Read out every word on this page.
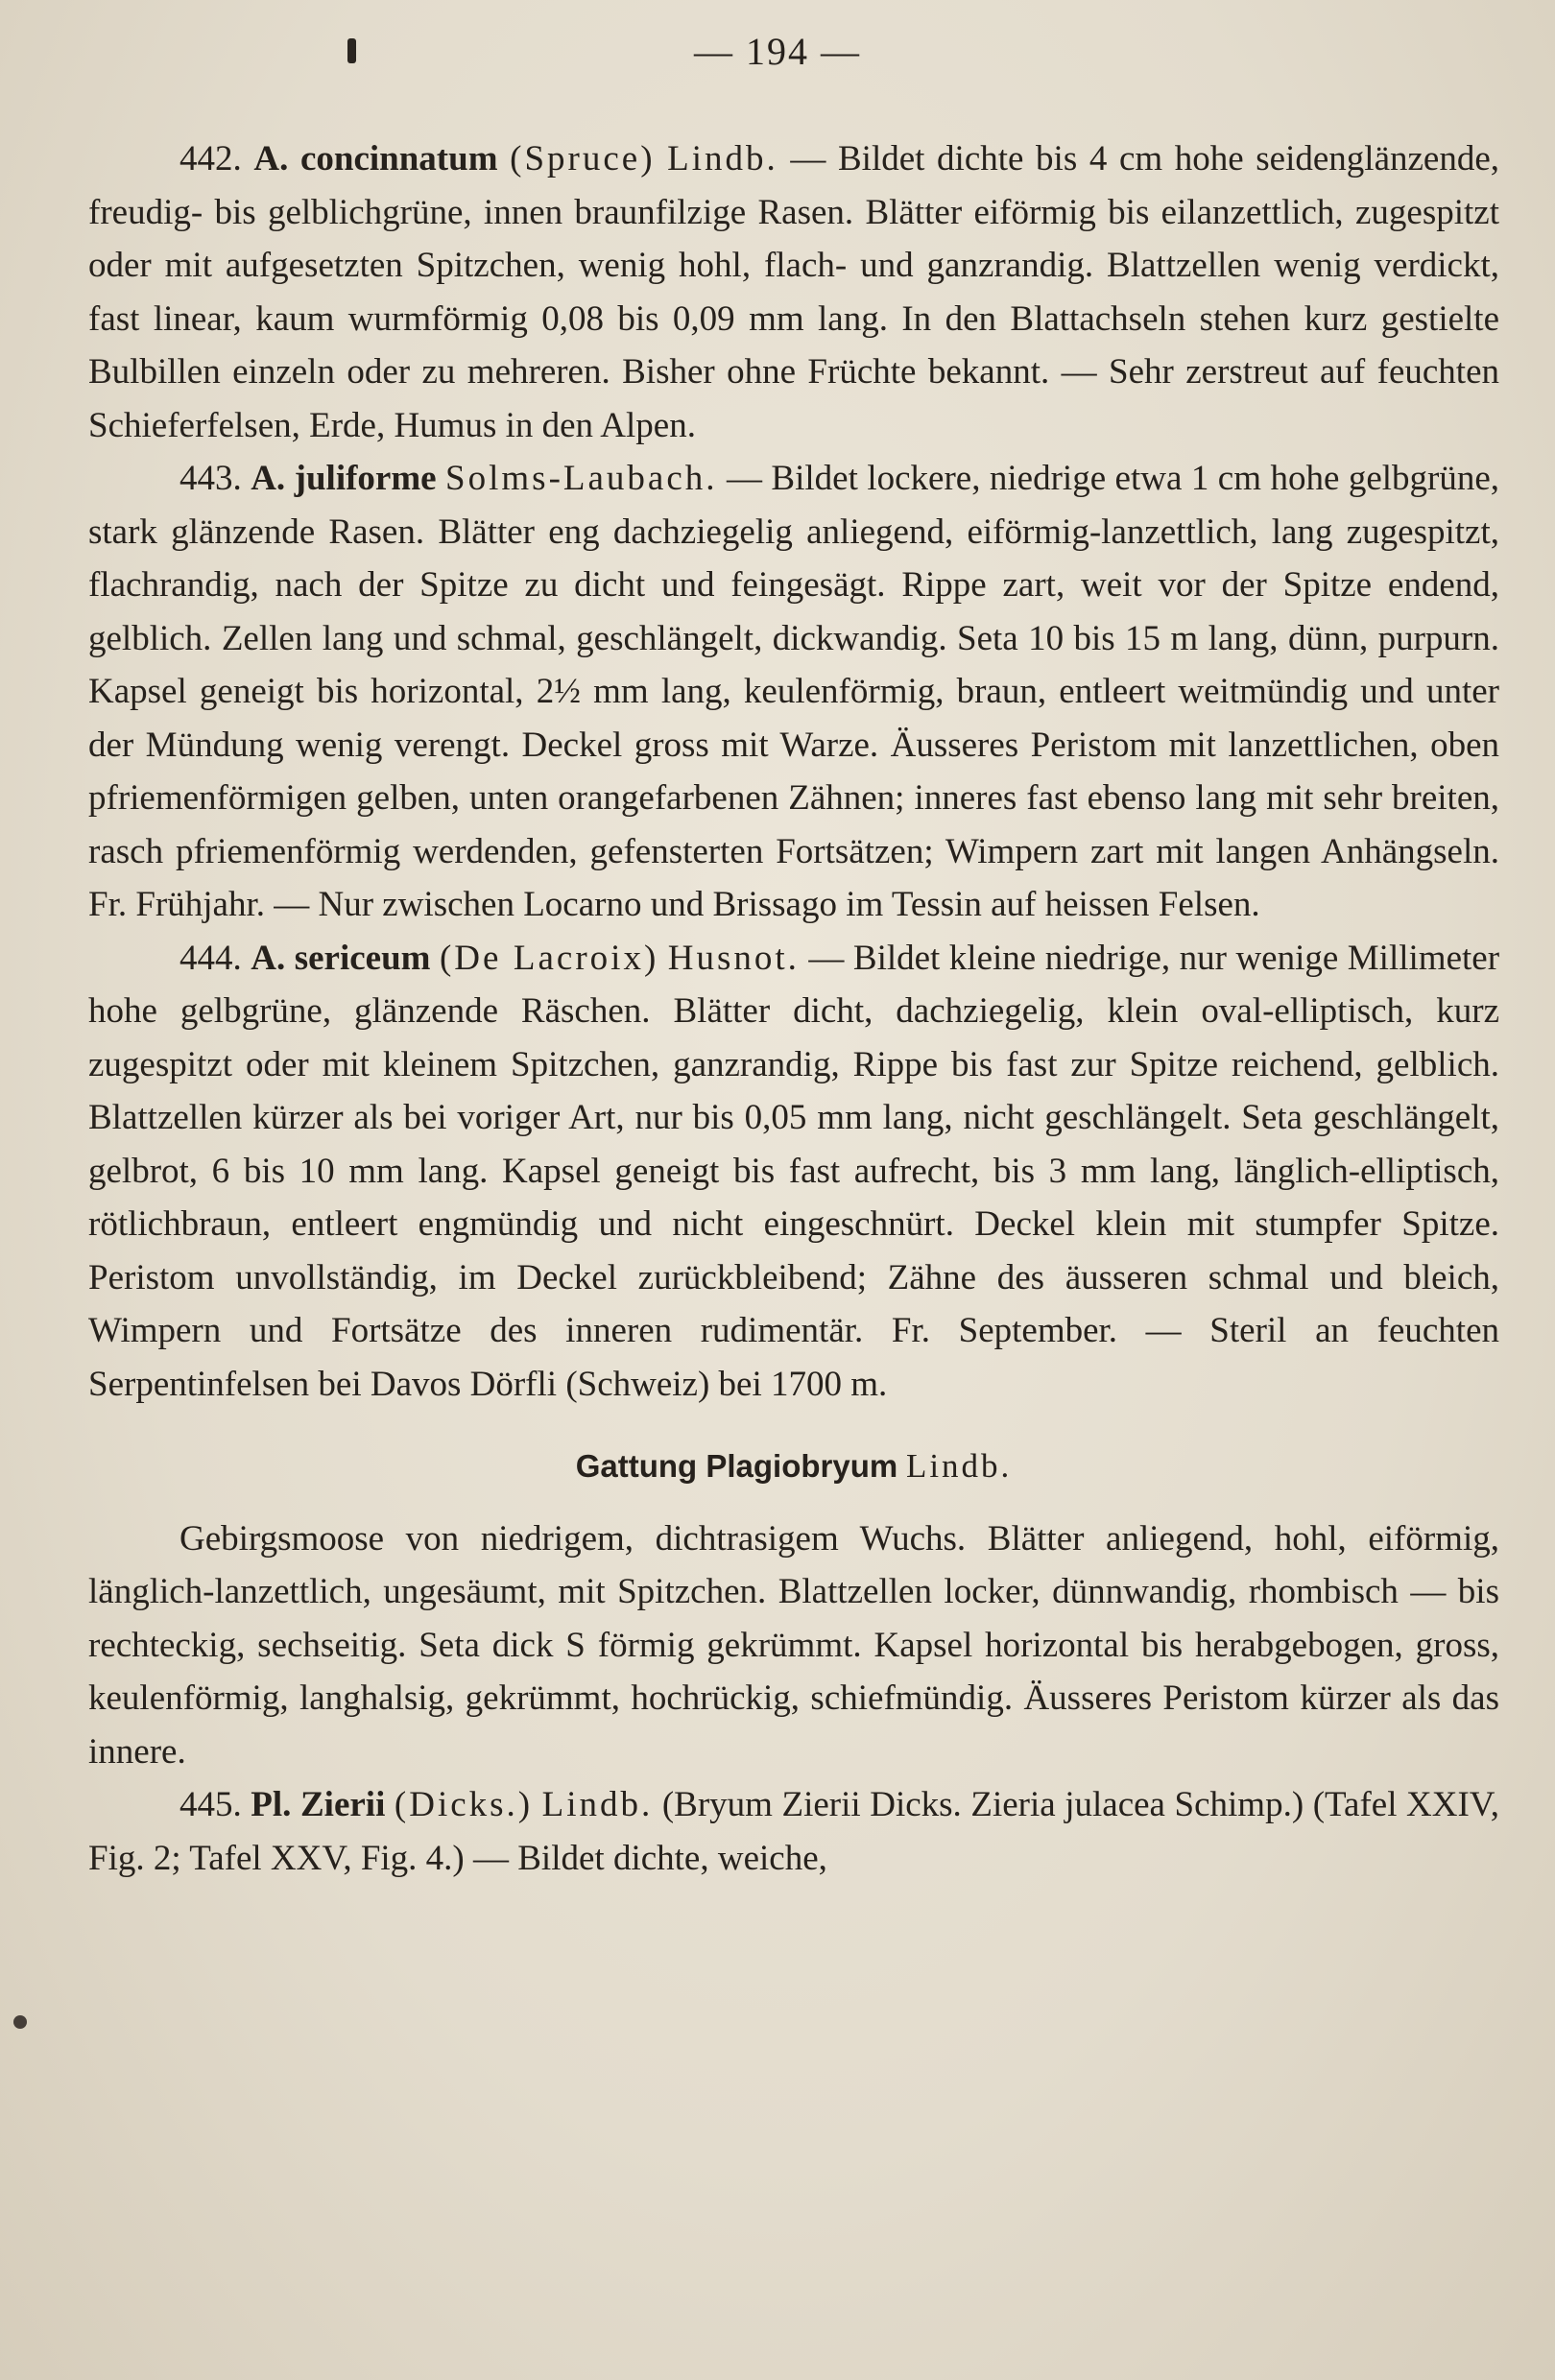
— 194 —

442. A. concinnatum (Spruce) Lindb. — Bildet dichte bis 4 cm hohe seidenglänzende, freudig- bis gelblichgrüne, innen braunfilzige Rasen. Blätter eiförmig bis eilanzettlich, zugespitzt oder mit aufgesetzten Spitzchen, wenig hohl, flach- und ganzrandig. Blattzellen wenig verdickt, fast linear, kaum wurmförmig 0,08 bis 0,09 mm lang. In den Blattachseln stehen kurz gestielte Bulbillen einzeln oder zu mehreren. Bisher ohne Früchte bekannt. — Sehr zerstreut auf feuchten Schieferfelsen, Erde, Humus in den Alpen.

443. A. juliforme Solms-Laubach. — Bildet lockere, niedrige etwa 1 cm hohe gelbgrüne, stark glänzende Rasen. Blätter eng dachziegelig anliegend, eiförmig-lanzettlich, lang zugespitzt, flachrandig, nach der Spitze zu dicht und feingesägt. Rippe zart, weit vor der Spitze endend, gelblich. Zellen lang und schmal, geschlängelt, dickwandig. Seta 10 bis 15 m lang, dünn, purpurn. Kapsel geneigt bis horizontal, 2½ mm lang, keulenförmig, braun, entleert weitmündig und unter der Mündung wenig verengt. Deckel gross mit Warze. Äusseres Peristom mit lanzettlichen, oben pfriemenförmigen gelben, unten orangefarbenen Zähnen; inneres fast ebenso lang mit sehr breiten, rasch pfriemenförmig werdenden, gefensterten Fortsätzen; Wimpern zart mit langen Anhängseln. Fr. Frühjahr. — Nur zwischen Locarno und Brissago im Tessin auf heissen Felsen.

444. A. sericeum (De Lacroix) Husnot. — Bildet kleine niedrige, nur wenige Millimeter hohe gelbgrüne, glänzende Räschen. Blätter dicht, dachziegelig, klein oval-elliptisch, kurz zugespitzt oder mit kleinem Spitzchen, ganzrandig, Rippe bis fast zur Spitze reichend, gelblich. Blattzellen kürzer als bei voriger Art, nur bis 0,05 mm lang, nicht geschlängelt. Seta geschlängelt, gelbrot, 6 bis 10 mm lang. Kapsel geneigt bis fast aufrecht, bis 3 mm lang, länglich-elliptisch, rötlichbraun, entleert engmündig und nicht eingeschnürt. Deckel klein mit stumpfer Spitze. Peristom unvollständig, im Deckel zurückbleibend; Zähne des äusseren schmal und bleich, Wimpern und Fortsätze des inneren rudimentär. Fr. September. — Steril an feuchten Serpentinfelsen bei Davos Dörfli (Schweiz) bei 1700 m.

Gattung Plagiobryum Lindb.

Gebirgsmoose von niedrigem, dichtrasigem Wuchs. Blätter anliegend, hohl, eiförmig, länglich-lanzettlich, ungesäumt, mit Spitzchen. Blattzellen locker, dünnwandig, rhombisch — bis rechteckig, sechseitig. Seta dick S förmig gekrümmt. Kapsel horizontal bis herabgebogen, gross, keulenförmig, langhalsig, gekrümmt, hochrückig, schiefmündig. Äusseres Peristom kürzer als das innere.

445. Pl. Zierii (Dicks.) Lindb. (Bryum Zierii Dicks. Zieria julacea Schimp.) (Tafel XXIV, Fig. 2; Tafel XXV, Fig. 4.) — Bildet dichte, weiche,
